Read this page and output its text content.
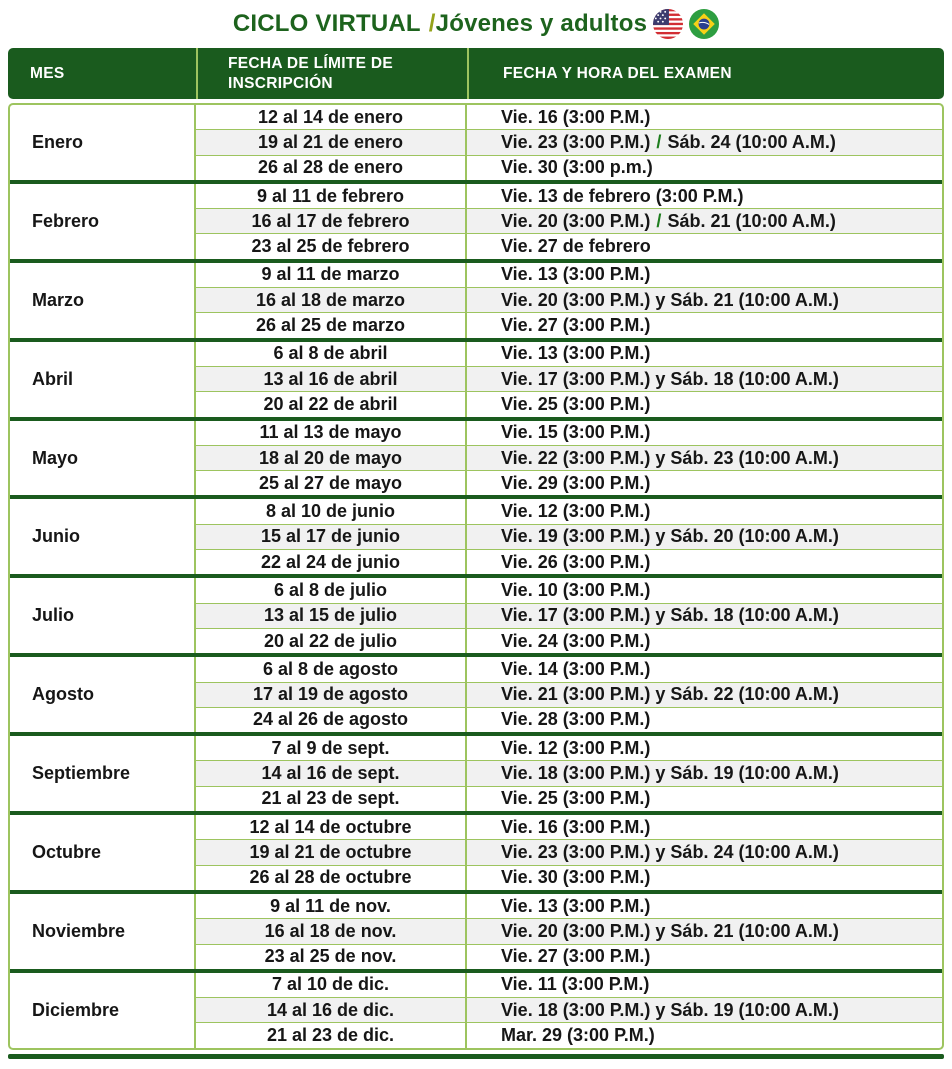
CICLO VIRTUAL / Jóvenes y adultos
MES
FECHA DE LÍMITE DE INSCRIPCIÓN
FECHA Y HORA DEL EXAMEN
Enero
12 al 14 de enero	Vie. 16 (3:00 P.M.)
19 al 21 de enero	Vie. 23 (3:00 P.M.) / Sáb. 24 (10:00 A.M.)
26 al 28 de enero	Vie. 30 (3:00 p.m.)
Febrero
9 al 11 de febrero	Vie. 13 de febrero (3:00 P.M.)
16 al 17 de febrero	Vie. 20 (3:00 P.M.) / Sáb. 21 (10:00 A.M.)
23 al 25 de febrero	Vie. 27 de febrero
Marzo
9 al 11 de marzo	Vie. 13 (3:00 P.M.)
16 al 18 de marzo	Vie. 20 (3:00 P.M.) y Sáb. 21 (10:00 A.M.)
26 al 25 de marzo	Vie. 27 (3:00 P.M.)
Abril
6 al 8 de abril	Vie. 13 (3:00 P.M.)
13 al 16 de abril	Vie. 17 (3:00 P.M.) y Sáb. 18 (10:00 A.M.)
20 al 22 de abril	Vie. 25 (3:00 P.M.)
Mayo
11 al 13 de mayo	Vie. 15 (3:00 P.M.)
18 al 20 de mayo	Vie. 22 (3:00 P.M.) y Sáb. 23 (10:00 A.M.)
25 al 27 de mayo	Vie. 29 (3:00 P.M.)
Junio
8 al 10 de junio	Vie. 12 (3:00 P.M.)
15 al 17 de junio	Vie. 19 (3:00 P.M.) y Sáb. 20 (10:00 A.M.)
22 al 24 de junio	Vie. 26 (3:00 P.M.)
Julio
6 al 8 de julio	Vie. 10 (3:00 P.M.)
13 al 15 de julio	Vie. 17 (3:00 P.M.) y Sáb. 18 (10:00 A.M.)
20 al 22 de julio	Vie. 24 (3:00 P.M.)
Agosto
6 al 8 de agosto	Vie. 14 (3:00 P.M.)
17 al 19 de agosto	Vie. 21 (3:00 P.M.) y Sáb. 22 (10:00 A.M.)
24 al 26 de agosto	Vie. 28 (3:00 P.M.)
Septiembre
7 al 9 de sept.	Vie. 12 (3:00 P.M.)
14 al 16 de sept.	Vie. 18 (3:00 P.M.) y Sáb. 19 (10:00 A.M.)
21 al 23 de sept.	Vie. 25 (3:00 P.M.)
Octubre
12 al 14 de octubre	Vie. 16 (3:00 P.M.)
19 al 21 de octubre	Vie. 23 (3:00 P.M.) y Sáb. 24 (10:00 A.M.)
26 al 28 de octubre	Vie. 30 (3:00 P.M.)
Noviembre
9 al 11 de nov.	Vie. 13 (3:00 P.M.)
16 al 18 de nov.	Vie. 20 (3:00 P.M.) y Sáb. 21 (10:00 A.M.)
23 al 25 de nov.	Vie. 27 (3:00 P.M.)
Diciembre
7 al 10 de dic.	Vie. 11 (3:00 P.M.)
14 al 16 de dic.	Vie. 18 (3:00 P.M.) y Sáb. 19 (10:00 A.M.)
21 al 23 de dic.	Mar. 29 (3:00 P.M.)
